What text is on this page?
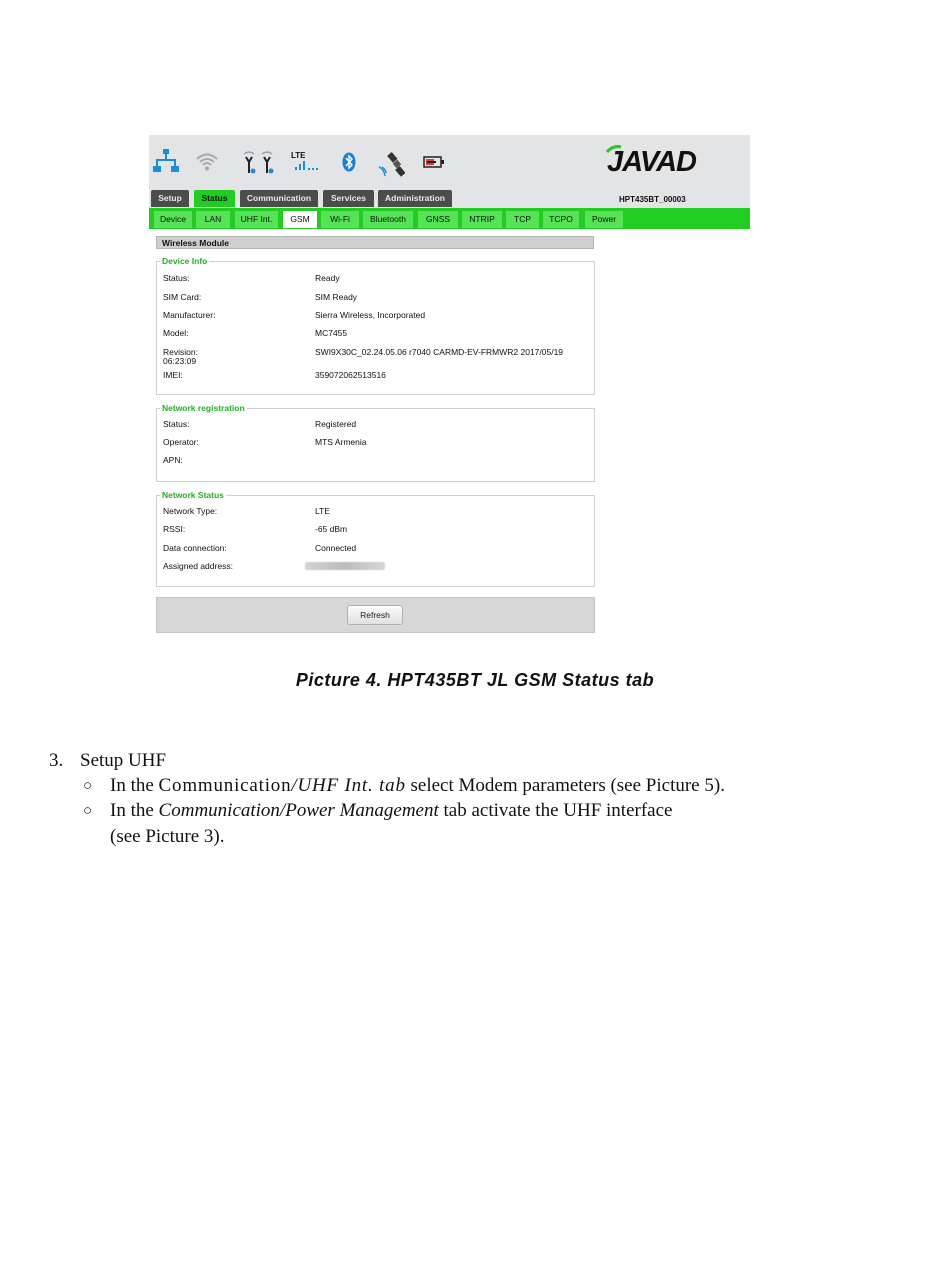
LTE	JAVAD
HPT435BT_00003
Setup	Status	Communication	Services	Administration
Device	LAN	UHF Int.	GSM	Wi-Fi	Bluetooth	GNSS	NTRIP	TCP	TCPO	Power
Wireless Module
Device Info
Status:	Ready
SIM Card:	SIM Ready
Manufacturer:	Sierra Wireless, Incorporated
Model:	MC7455
Revision:	SWI9X30C_02.24.05.06 r7040 CARMD-EV-FRMWR2 2017/05/19
06:23:09
IMEI:	359072062513516
Network registration
Status:	Registered
Operator:	MTS Armenia
APN:
Network Status
Network Type:	LTE
RSSI:	-65 dBm
Data connection:	Connected
Assigned address:
Refresh
Picture 4. HPT435BT JL GSM Status tab
3. Setup UHF
○ In the Communication/UHF Int. tab select Modem parameters (see Picture 5).
○ In the Communication/Power Management tab activate the UHF interface
(see Picture 3).
